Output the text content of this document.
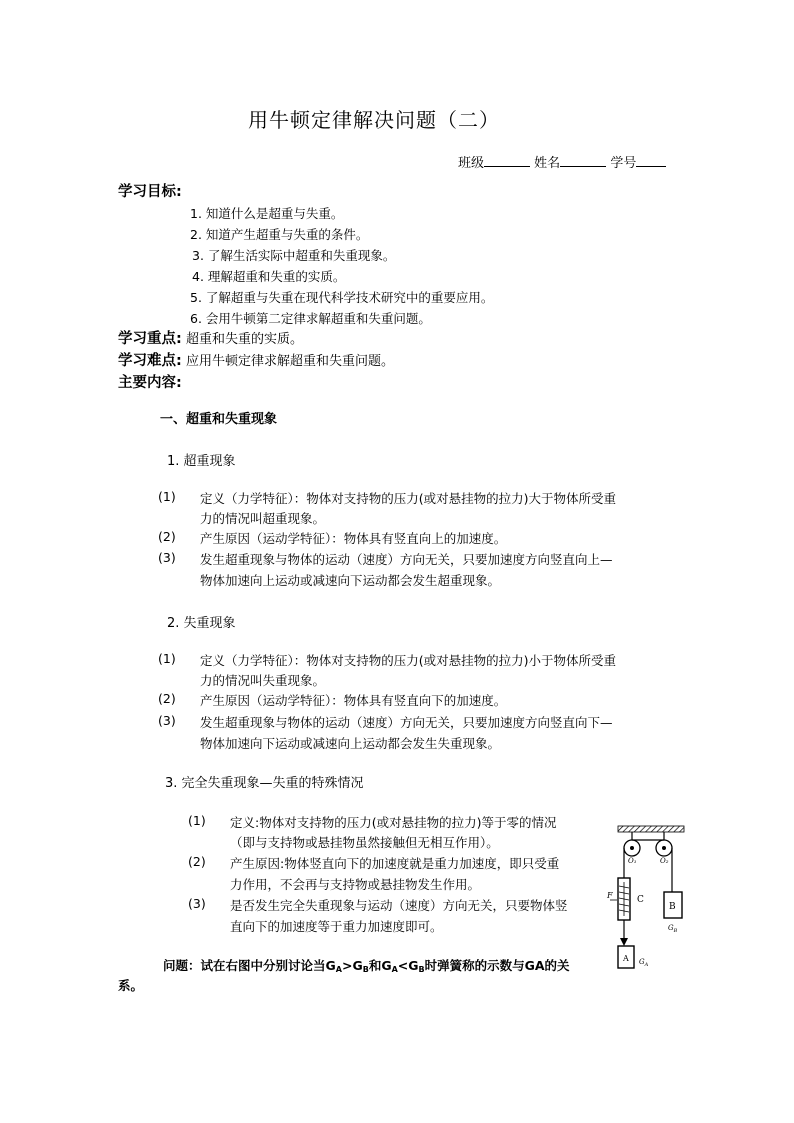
用牛顿定律解决问题（二）
班级	姓名	学号
学习目标:
1. 知道什么是超重与失重。
2. 知道产生超重与失重的条件。
3. 了解生活实际中超重和失重现象。
4. 理解超重和失重的实质。
5. 了解超重与失重在现代科学技术研究中的重要应用。
6. 会用牛顿第二定律求解超重和失重问题。
学习重点: 超重和失重的实质。
学习难点: 应用牛顿定律求解超重和失重问题。
主要内容:
一、超重和失重现象
1. 超重现象
(1) 定义（力学特征）：物体对支持物的压力(或对悬挂物的拉力)大于物体所受重
力的情况叫超重现象。
(2) 产生原因（运动学特征）：物体具有竖直向上的加速度。
(3) 发生超重现象与物体的运动（速度）方向无关，只要加速度方向竖直向上—
物体加速向上运动或减速向下运动都会发生超重现象。
2. 失重现象
(1) 定义（力学特征）：物体对支持物的压力(或对悬挂物的拉力)小于物体所受重
力的情况叫失重现象。
(2) 产生原因（运动学特征）：物体具有竖直向下的加速度。
(3) 发生超重现象与物体的运动（速度）方向无关，只要加速度方向竖直向下—
物体加速向下运动或减速向上运动都会发生失重现象。
3. 完全失重现象—失重的特殊情况
(1) 定义:物体对支持物的压力(或对悬挂物的拉力)等于零的情况
（即与支持物或悬挂物虽然接触但无相互作用）。
(2) 产生原因:物体竖直向下的加速度就是重力加速度，即只受重
力作用，不会再与支持物或悬挂物发生作用。
(3) 是否发生完全失重现象与运动（速度）方向无关，只要物体竖
直向下的加速度等于重力加速度即可。
问题：试在右图中分别讨论当$G_A>G_B$和$G_A<G_B$时弹簧称的示数与GA的关
系。
O₁	O₂
F	C
B
$G_B$
A $G_A$
